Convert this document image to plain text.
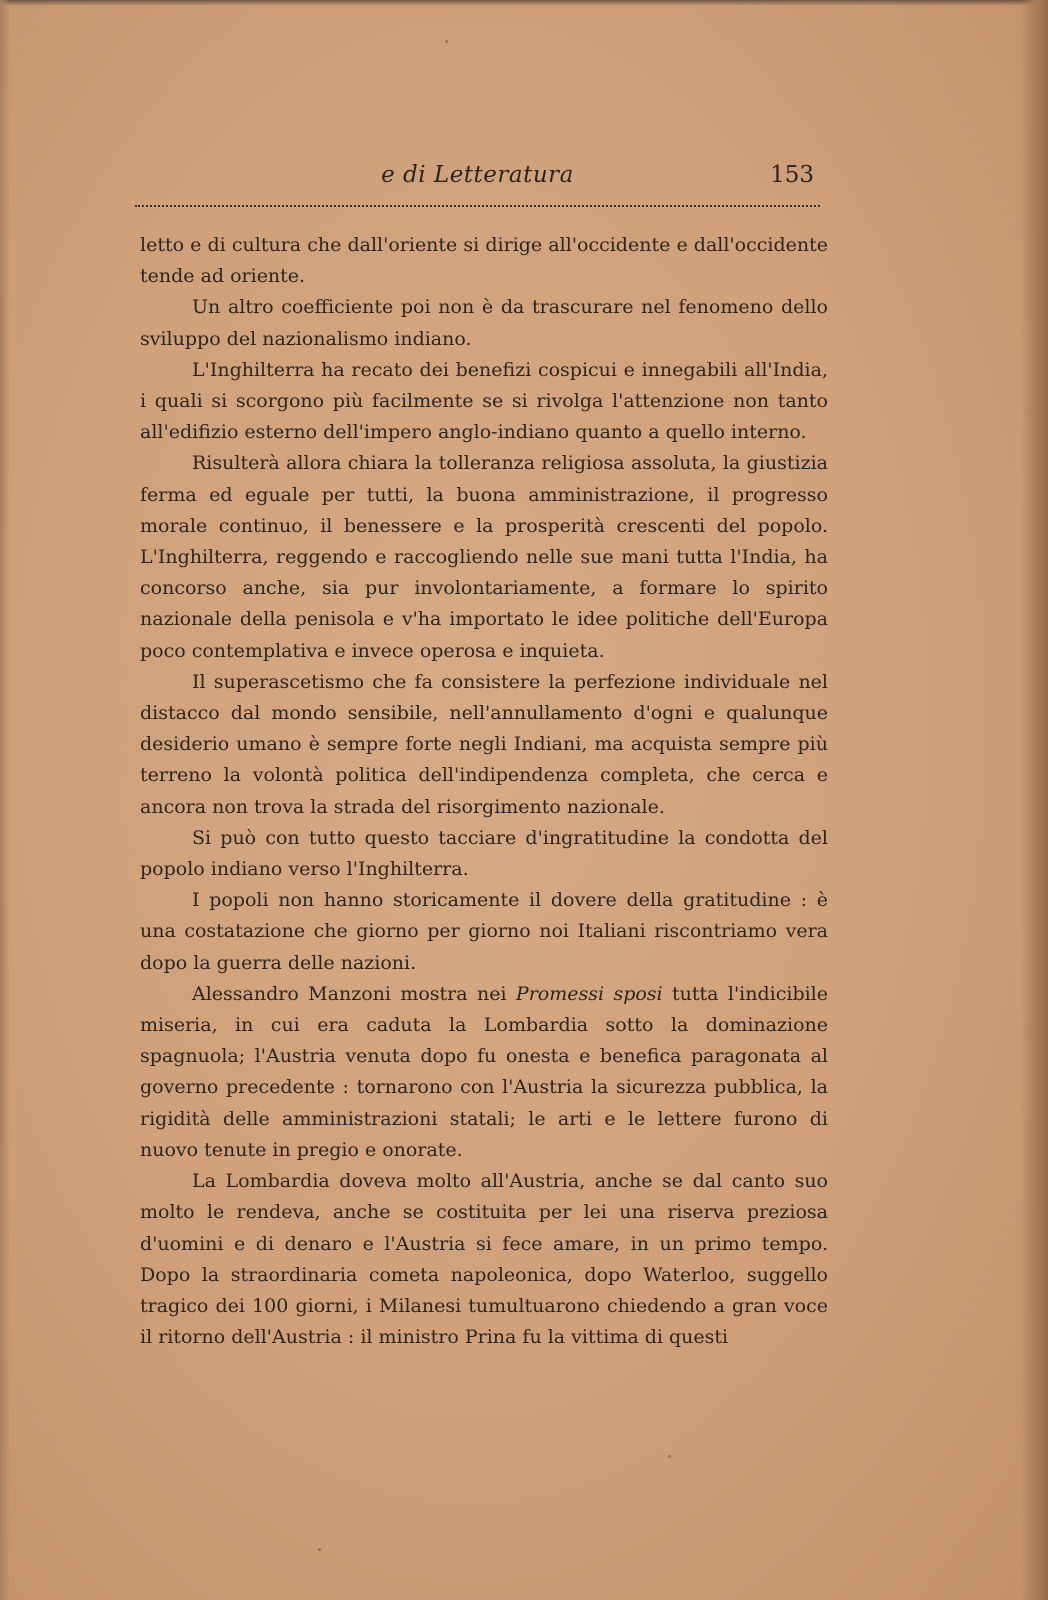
e di Letteratura	153

letto e di cultura che dall'oriente si dirige all'occidente e dall'occidente tende ad oriente.

Un altro coefficiente poi non è da trascurare nel fenomeno dello sviluppo del nazionalismo indiano.

L'Inghilterra ha recato dei benefizi cospicui e innegabili all'India, i quali si scorgono più facilmente se si rivolga l'attenzione non tanto all'edifizio esterno dell'impero anglo-indiano quanto a quello interno.

Risulterà allora chiara la tolleranza religiosa assoluta, la giustizia ferma ed eguale per tutti, la buona amministrazione, il progresso morale continuo, il benessere e la prosperità crescenti del popolo. L'Inghilterra, reggendo e raccogliendo nelle sue mani tutta l'India, ha concorso anche, sia pur involontariamente, a formare lo spirito nazionale della penisola e v'ha importato le idee politiche dell'Europa poco contemplativa e invece operosa e inquieta.

Il superascetismo che fa consistere la perfezione individuale nel distacco dal mondo sensibile, nell'annullamento d'ogni e qualunque desiderio umano è sempre forte negli Indiani, ma acquista sempre più terreno la volontà politica dell'indipendenza completa, che cerca e ancora non trova la strada del risorgimento nazionale.

Si può con tutto questo tacciare d'ingratitudine la condotta del popolo indiano verso l'Inghilterra.

I popoli non hanno storicamente il dovere della gratitudine : è una costatazione che giorno per giorno noi Italiani riscontriamo vera dopo la guerra delle nazioni.

Alessandro Manzoni mostra nei Promessi sposi tutta l'indicibile miseria, in cui era caduta la Lombardia sotto la dominazione spagnuola; l'Austria venuta dopo fu onesta e benefica paragonata al governo precedente : tornarono con l'Austria la sicurezza pubblica, la rigidità delle amministrazioni statali; le arti e le lettere furono di nuovo tenute in pregio e onorate.

La Lombardia doveva molto all'Austria, anche se dal canto suo molto le rendeva, anche se costituita per lei una riserva preziosa d'uomini e di denaro e l'Austria si fece amare, in un primo tempo. Dopo la straordinaria cometa napoleonica, dopo Waterloo, suggello tragico dei 100 giorni, i Milanesi tumultuarono chiedendo a gran voce il ritorno dell'Austria : il ministro Prina fu la vittima di questi
